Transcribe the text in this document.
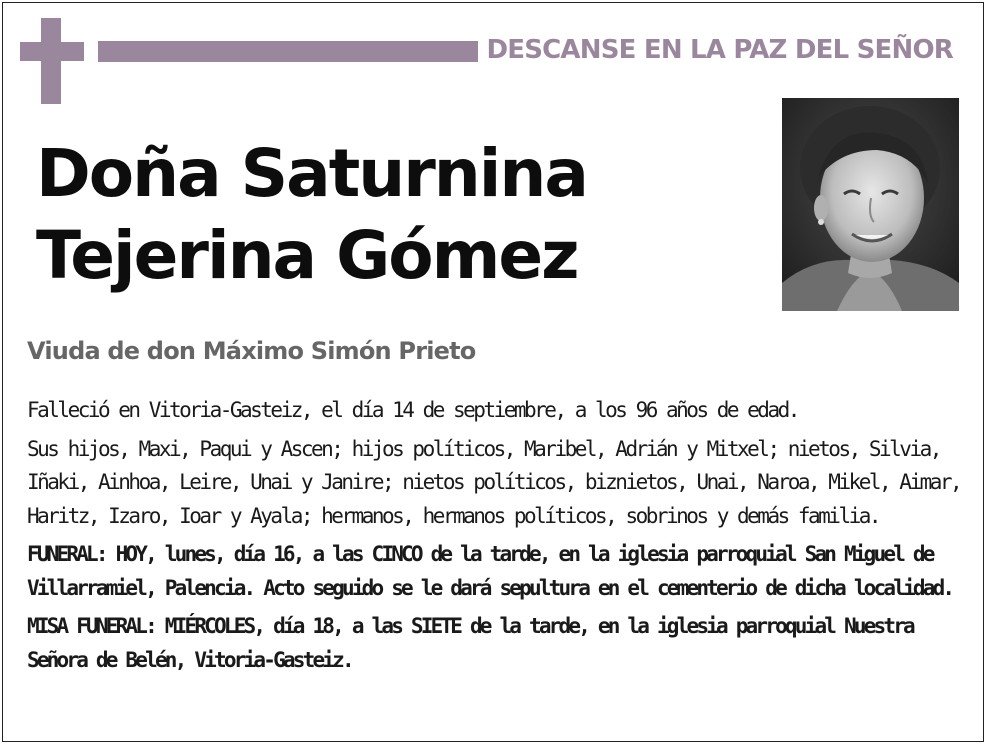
DESCANSE EN LA PAZ DEL SEÑOR
Doña Saturnina
Tejerina Gómez
Viuda de don Máximo Simón Prieto

Falleció en Vitoria-Gasteiz, el día 14 de septiembre, a los 96 años de edad.

Sus hijos, Maxi, Paqui y Ascen; hijos políticos, Maribel, Adrián y Mitxel; nietos, Silvia, Iñaki, Ainhoa, Leire, Unai y Janire; nietos políticos, biznietos, Unai, Naroa, Mikel, Aimar, Haritz, Izaro, Ioar y Ayala; hermanos, hermanos políticos, sobrinos y demás familia.

FUNERAL: HOY, lunes, día 16, a las CINCO de la tarde, en la iglesia parroquial San Miguel de Villarramiel, Palencia. Acto seguido se le dará sepultura en el cementerio de dicha localidad.

MISA FUNERAL: MIÉRCOLES, día 18, a las SIETE de la tarde, en la iglesia parroquial Nuestra Señora de Belén, Vitoria-Gasteiz.
